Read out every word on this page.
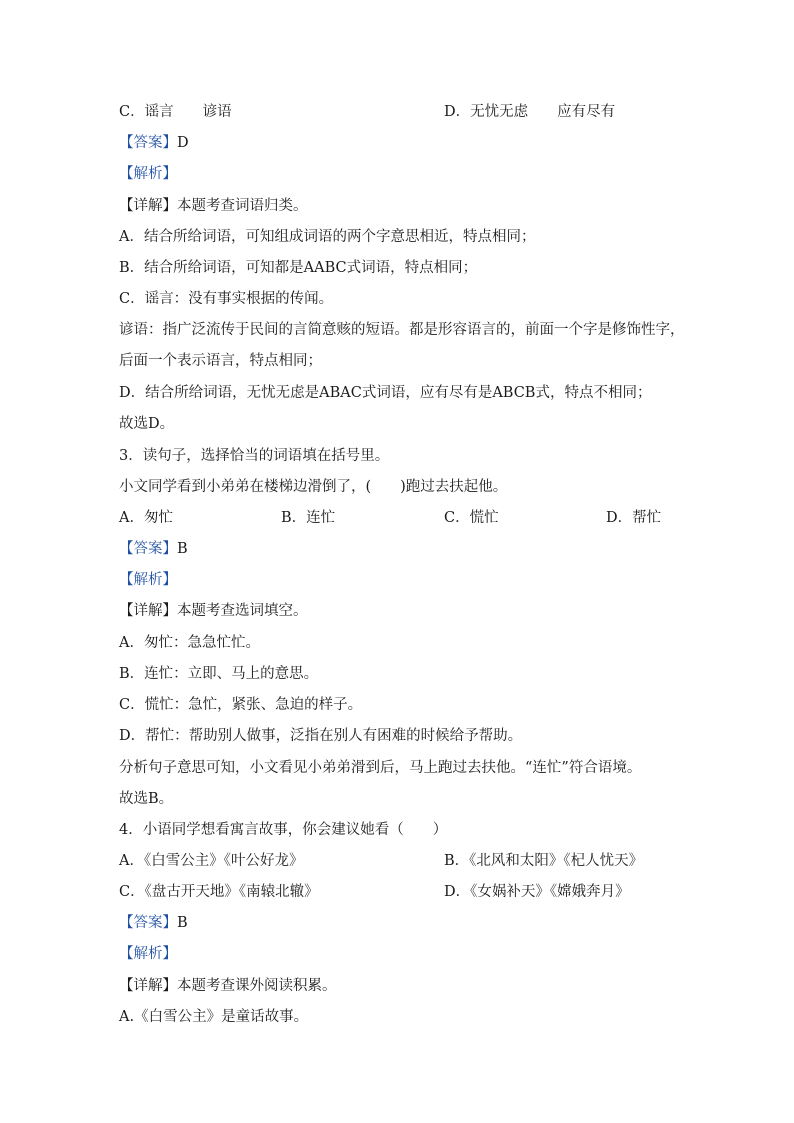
C．谣言　　谚语	D．无忧无虑　　应有尽有
【答案】D
【解析】
【详解】本题考查词语归类。
A．结合所给词语，可知组成词语的两个字意思相近，特点相同；
B．结合所给词语，可知都是AABC式词语，特点相同；
C．谣言：没有事实根据的传闻。
谚语：指广泛流传于民间的言简意赅的短语。都是形容语言的，前面一个字是修饰性字，
后面一个表示语言，特点相同；
D．结合所给词语，无忧无虑是ABAC式词语，应有尽有是ABCB式，特点不相同；
故选D。
3．读句子，选择恰当的词语填在括号里。
小文同学看到小弟弟在楼梯边滑倒了，(　　)跑过去扶起他。
A．匆忙	B．连忙	C．慌忙	D．帮忙
【答案】B
【解析】
【详解】本题考查选词填空。
A．匆忙：急急忙忙。
B．连忙：立即、马上的意思。
C．慌忙：急忙，紧张、急迫的样子。
D．帮忙：帮助别人做事，泛指在别人有困难的时候给予帮助。
分析句子意思可知，小文看见小弟弟滑到后，马上跑过去扶他。“连忙”符合语境。
故选B。
4．小语同学想看寓言故事，你会建议她看（　　）
A．《白雪公主》《叶公好龙》	B．《北风和太阳》《杞人忧天》
C．《盘古开天地》《南辕北辙》	D．《女娲补天》《嫦娥奔月》
【答案】B
【解析】
【详解】本题考查课外阅读积累。
A.《白雪公主》是童话故事。
